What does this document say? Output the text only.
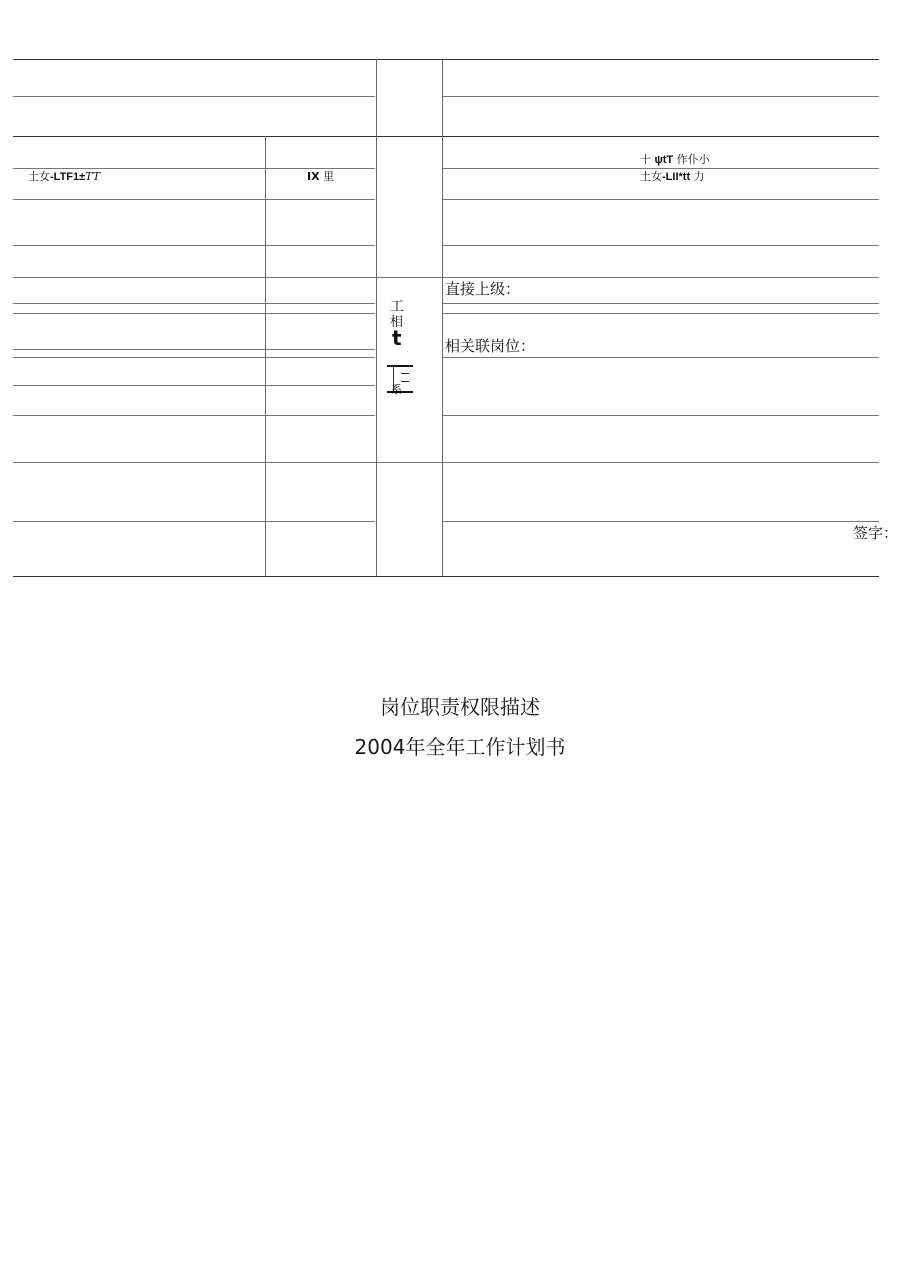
土女-LTF1±TT	IX 里
十 ψtT 作仆小
土女-LII*tt 力
工
相
t
系
直接上级：
相关联岗位：
签字：
岗位职责权限描述
2004年全年工作计划书
